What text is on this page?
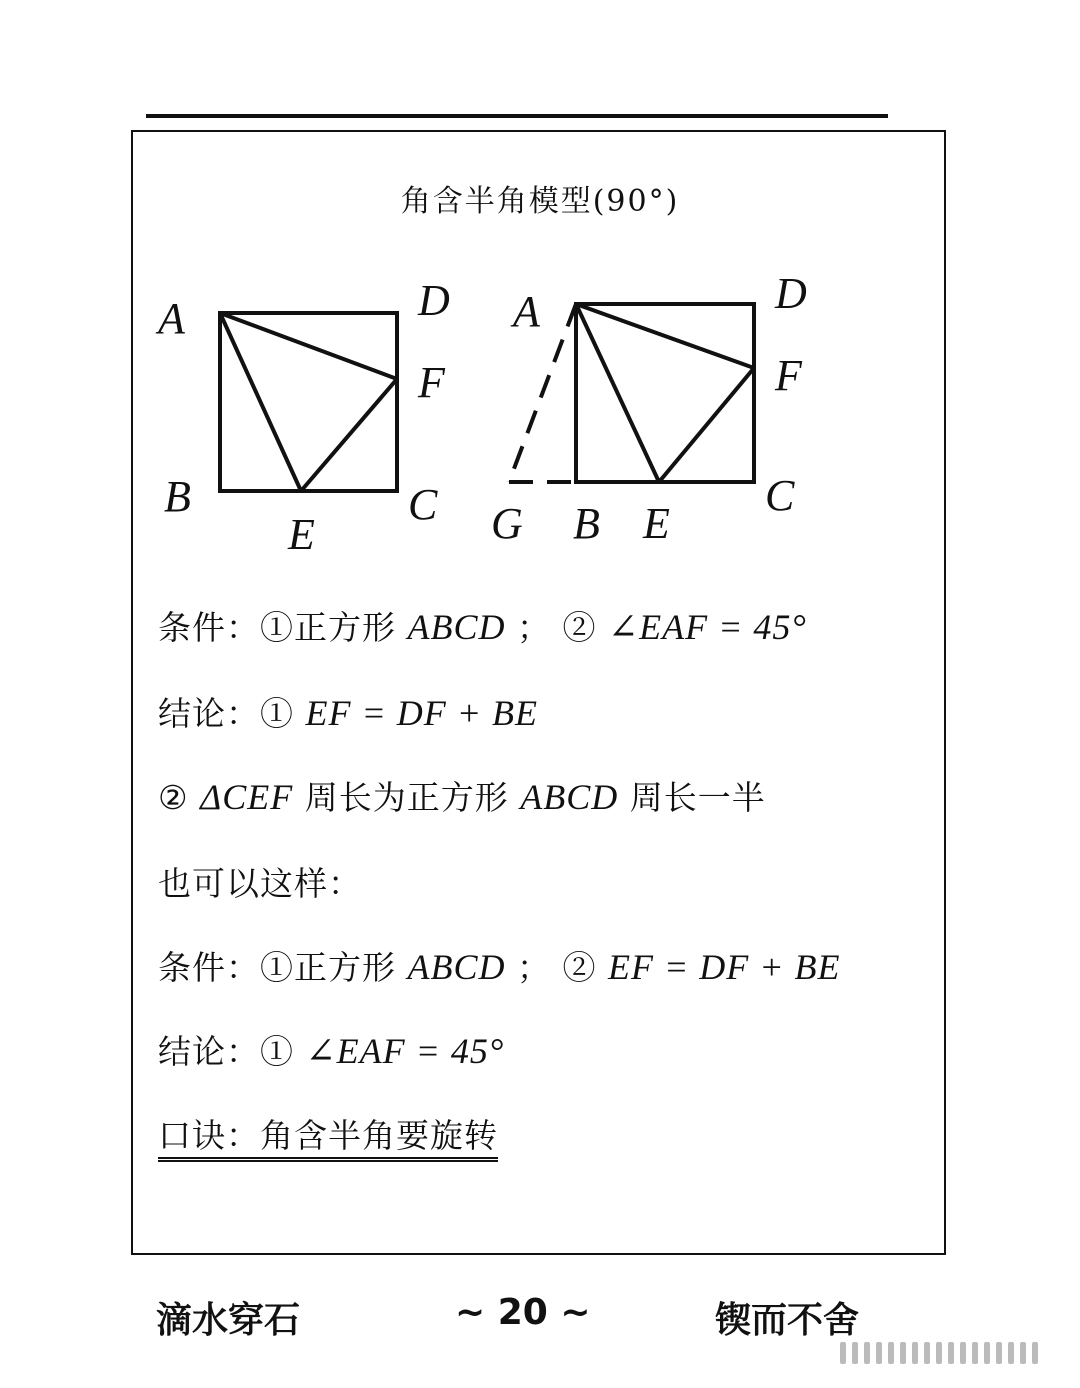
角含半角模型(90°)
A	D
F
B	C
E
A	D
F
C
G B E
条件：①正方形 ABCD ； ② ∠EAF = 45°
结论：① EF = DF + BE
② ΔCEF 周长为正方形 ABCD 周长一半
也可以这样：
条件：①正方形 ABCD ； ② EF = DF + BE
结论：① ∠EAF = 45°
口诀：角含半角要旋转
滴水穿石	~ 20 ~	锲而不舍
